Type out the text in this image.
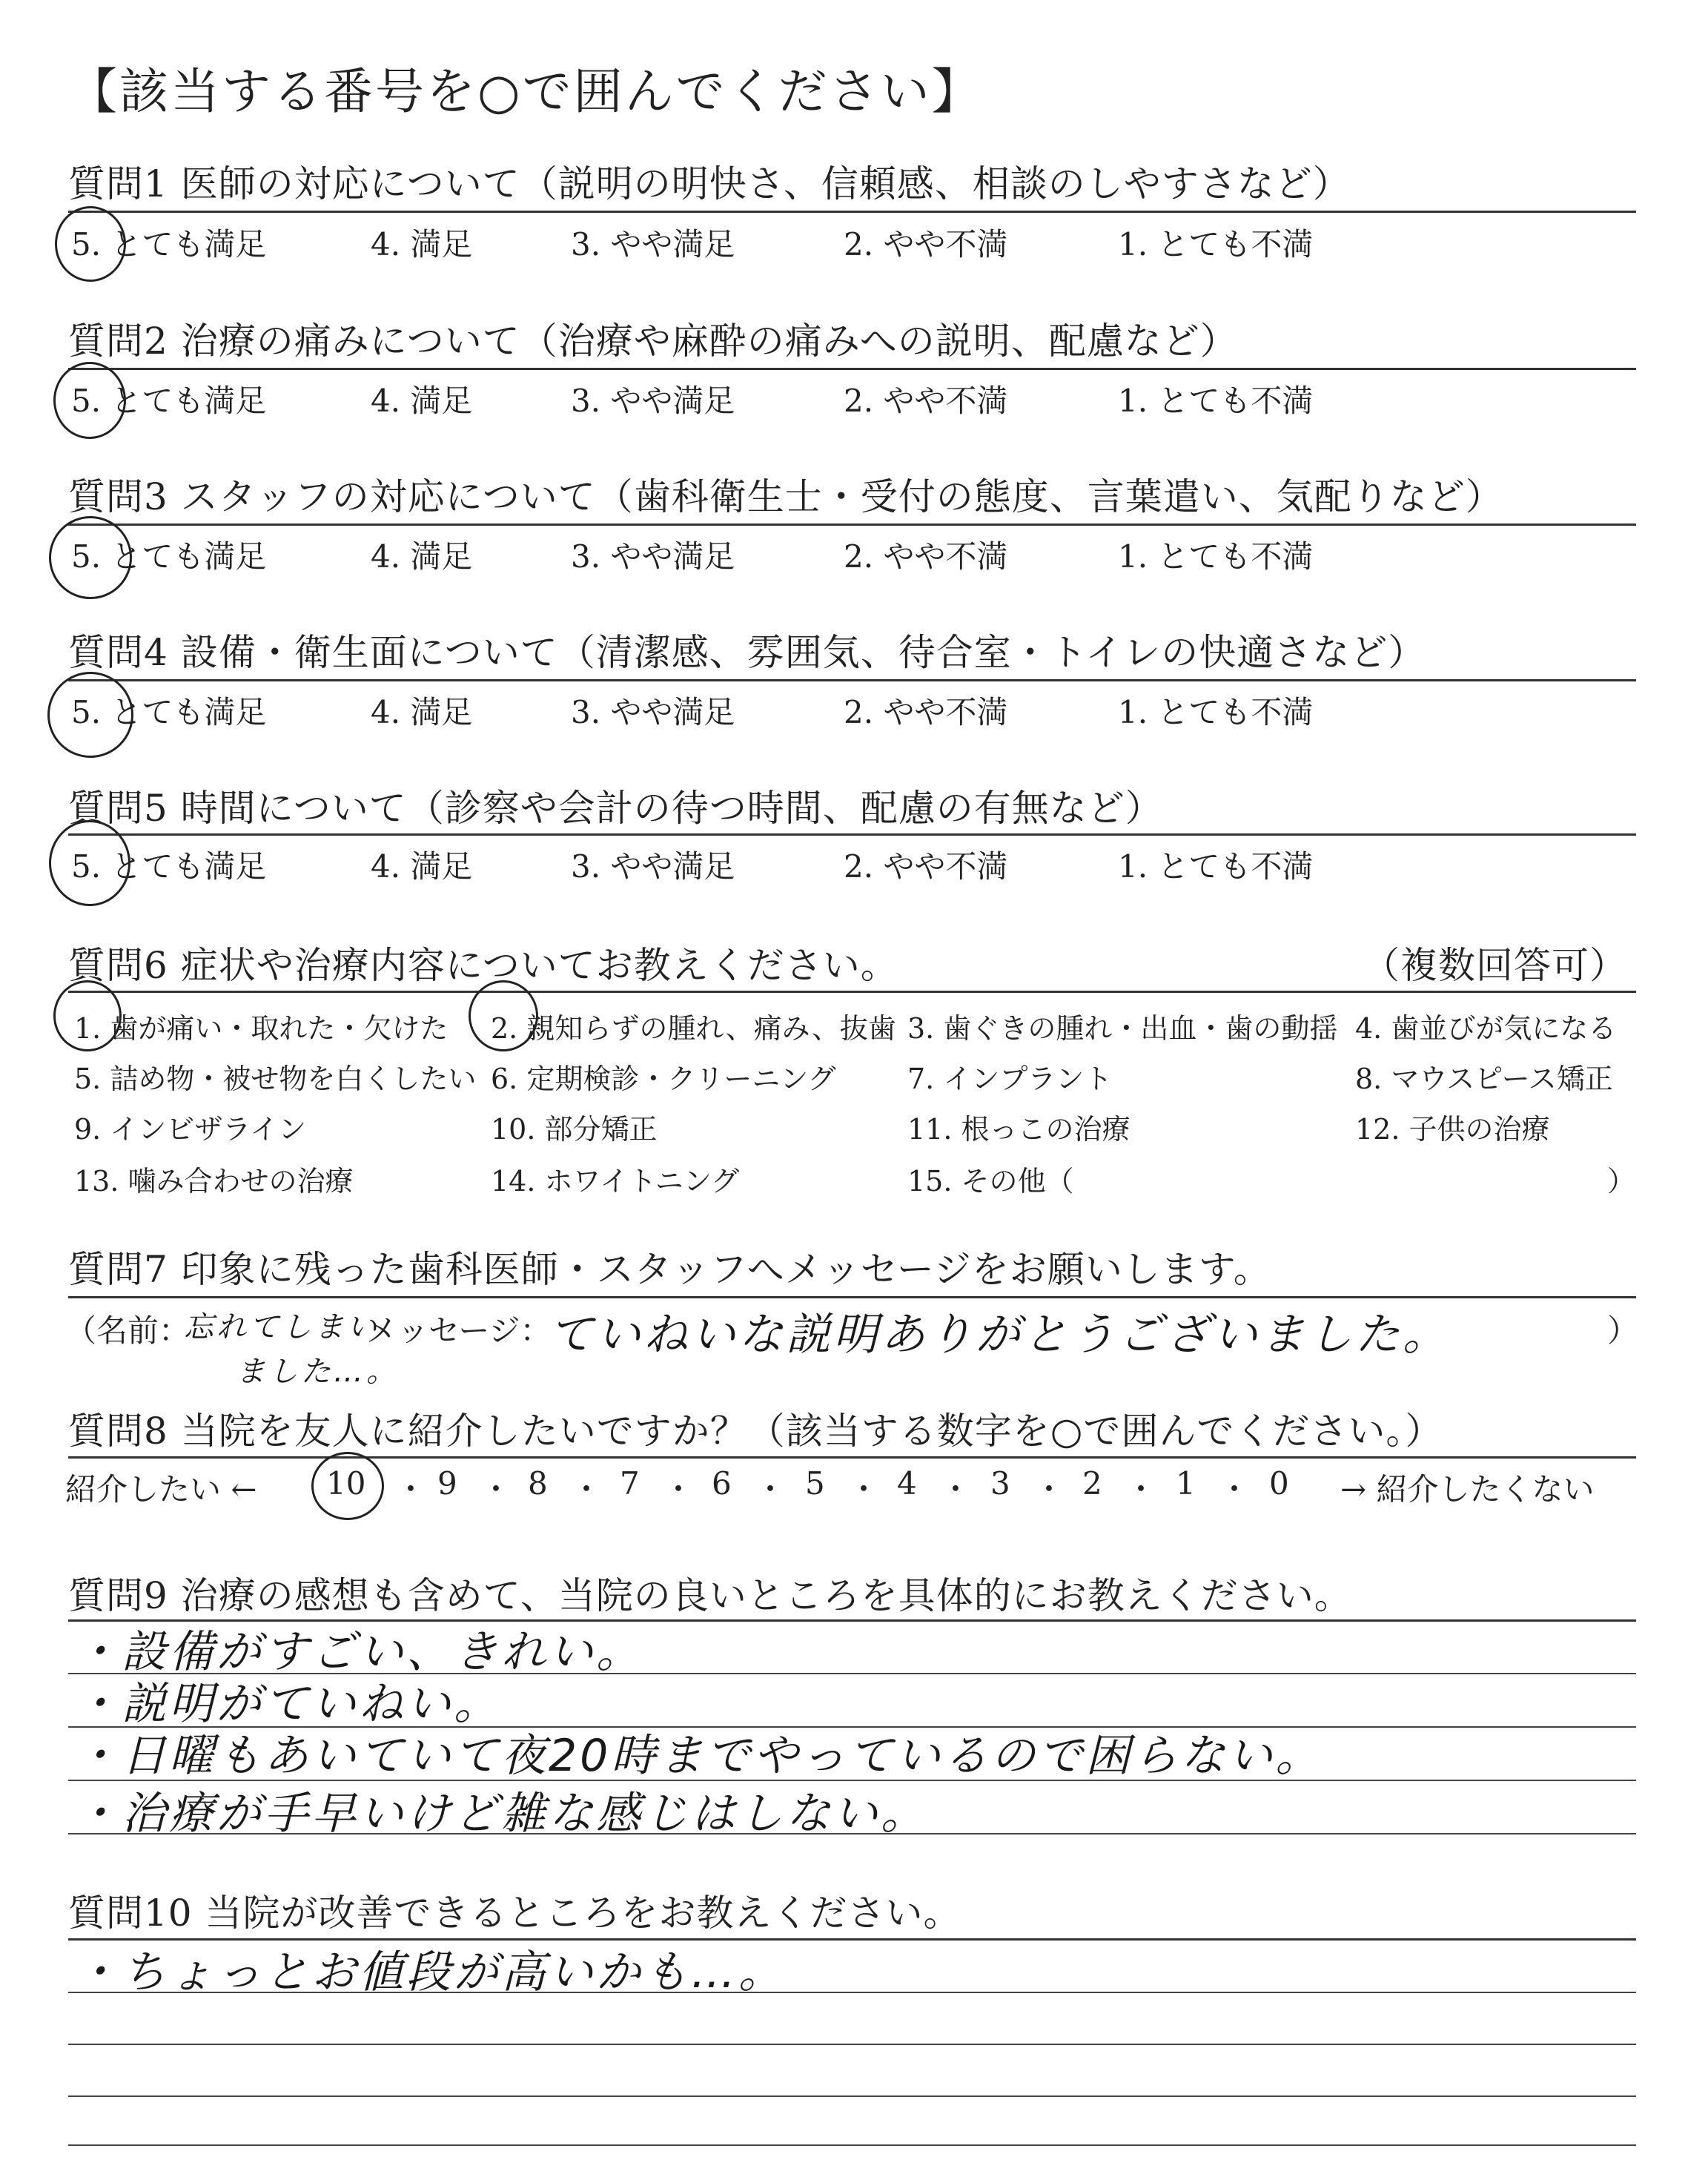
【該当する番号を○で囲んでください】
質問1 医師の対応について（説明の明快さ、信頼感、相談のしやすさなど）
5. とても満足	4. 満足	3. やや満足	2. やや不満	1. とても不満
質問2 治療の痛みについて（治療や麻酔の痛みへの説明、配慮など）
5. とても満足	4. 満足	3. やや満足	2. やや不満	1. とても不満
質問3 スタッフの対応について（歯科衛生士・受付の態度、言葉遣い、気配りなど）
5. とても満足	4. 満足	3. やや満足	2. やや不満	1. とても不満
質問4 設備・衛生面について（清潔感、雰囲気、待合室・トイレの快適さなど）
5. とても満足	4. 満足	3. やや満足	2. やや不満	1. とても不満
質問5 時間について（診察や会計の待つ時間、配慮の有無など）
5. とても満足	4. 満足	3. やや満足	2. やや不満	1. とても不満
質問6 症状や治療内容についてお教えください。	（複数回答可）
1. 歯が痛い・取れた・欠けた 2. 親知らずの腫れ、痛み、抜歯 3. 歯ぐきの腫れ・出血・歯の動揺 4. 歯並びが気になる
5. 詰め物・被せ物を白くしたい 6. 定期検診・クリーニング	7. インプラント	8. マウスピース矯正
9. インビザライン	10. 部分矯正	11. 根っこの治療	12. 子供の治療
13. 噛み合わせの治療	14. ホワイトニング	15. その他（	）
質問7 印象に残った歯科医師・スタッフへメッセージをお願いします。
（名前：
忘れてしまい
ました…。
メッセージ：
ていねいな説明ありがとうございました。	）
質問8 当院を友人に紹介したいですか？（該当する数字を○で囲んでください。）
紹介したい ← 10 ・ 9 ・ 8 ・ 7 ・ 6 ・ 5 ・ 4 ・ 3 ・ 2 ・ 1 ・ 0 → 紹介したくない
質問9 治療の感想も含めて、当院の良いところを具体的にお教えください。
・設備がすごい、きれい。
・説明がていねい。
・日曜もあいていて夜20時までやっているので困らない。
・治療が手早いけど雑な感じはしない。
質問10 当院が改善できるところをお教えください。
・ちょっとお値段が高いかも…。
